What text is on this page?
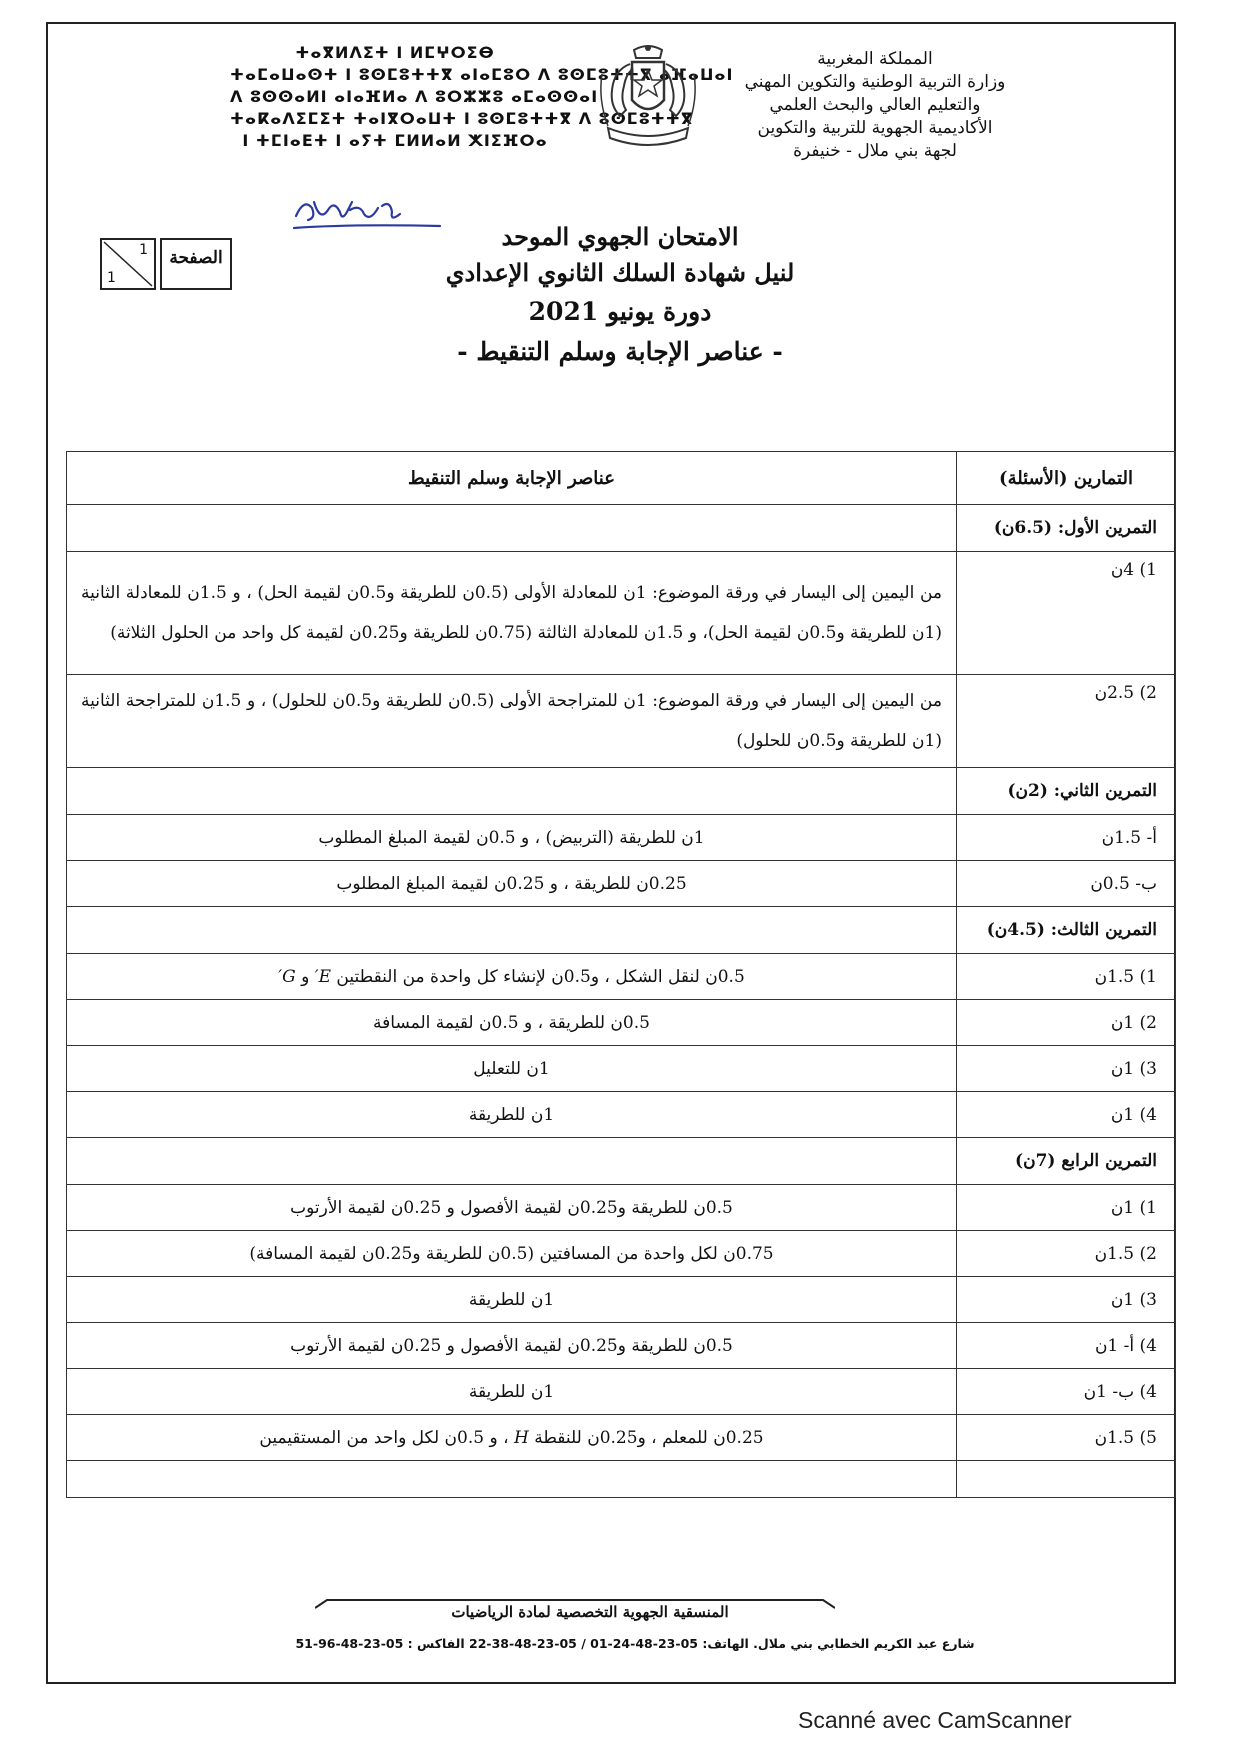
ⵜⴰⴳⵍⴷⵉⵜ ⵏ ⵍⵎⵖⵔⵉⴱ
ⵜⴰⵎⴰⵡⴰⵙⵜ ⵏ ⵓⵙⵎⵓⵜⵜⴳ ⴰⵏⴰⵎⵓⵔ ⴷ ⵓⵙⵎⵓⵜⵜⴳ ⴰⴼⴰⵡⴰⵏ
ⴷ ⵓⵙⵙⴰⵍⵏ ⴰⵏⴰⴼⵍⴰ ⴷ ⵓⵔⵣⵣⵓ ⴰⵎⴰⵙⵙⴰⵏ
ⵜⴰⴽⴰⴷⵉⵎⵉⵜ ⵜⴰⵏⴳⵔⴰⵡⵜ ⵏ ⵓⵙⵎⵓⵜⵜⴳ ⴷ ⵓⵙⵎⵓⵜⵜⴳ
ⵏ ⵜⵎⵏⴰⴹⵜ ⵏ ⴰⵢⵜ ⵎⵍⵍⴰⵍ ⵅⵏⵉⴼⵔⴰ
المملكة المغربية
وزارة التربية الوطنية والتكوين المهني
والتعليم العالي والبحث العلمي
الأكاديمية الجهوية للتربية والتكوين
لجهة بني ملال - خنيفرة
1
1
الصفحة
الامتحان الجهوي الموحد
لنيل شهادة السلك الثانوي الإعدادي
دورة يونيو 2021
- عناصر الإجابة وسلم التنقيط -
التمارين (الأسئلة)	عناصر الإجابة وسلم التنقيط
التمرين الأول: (6.5ن)	
1) 4ن	من اليمين إلى اليسار في ورقة الموضوع: 1ن للمعادلة الأولى (0.5ن للطريقة و0.5ن لقيمة الحل) ، و 1.5ن للمعادلة الثانية (1ن للطريقة و0.5ن لقيمة الحل)، و 1.5ن للمعادلة الثالثة (0.75ن للطريقة و0.25ن لقيمة كل واحد من الحلول الثلاثة)
2) 2.5ن	من اليمين إلى اليسار في ورقة الموضوع: 1ن للمتراجحة الأولى (0.5ن للطريقة و0.5ن للحلول) ، و 1.5ن للمتراجحة الثانية (1ن للطريقة و0.5ن للحلول)
التمرين الثاني: (2ن)	
أ- 1.5ن	1ن للطريقة (التربيض) ، و 0.5ن لقيمة المبلغ المطلوب
ب- 0.5ن	0.25ن للطريقة ، و 0.25ن لقيمة المبلغ المطلوب
التمرين الثالث: (4.5ن)	
1) 1.5ن	0.5ن لنقل الشكل ، و0.5ن لإنشاء كل واحدة من النقطتين E′ و G′
2) 1ن	0.5ن للطريقة ، و 0.5ن لقيمة المسافة
3) 1ن	1ن للتعليل
4) 1ن	1ن للطريقة
التمرين الرابع (7ن)	
1) 1ن	0.5ن للطريقة و0.25ن لقيمة الأفصول و 0.25ن لقيمة الأرتوب
2) 1.5ن	0.75ن لكل واحدة من المسافتين (0.5ن للطريقة و0.25ن لقيمة المسافة)
3) 1ن	1ن للطريقة
4) أ- 1ن	0.5ن للطريقة و0.25ن لقيمة الأفصول و 0.25ن لقيمة الأرتوب
4) ب- 1ن	1ن للطريقة
5) 1.5ن	0.25ن للمعلم ، و0.25ن للنقطة H ، و 0.5ن لكل واحد من المستقيمين

المنسقية الجهوية التخصصية لمادة الرياضيات
شارع عبد الكريم الخطابي بني ملال. الهاتف: 05-23-48-24-01 / 05-23-48-38-22 الفاكس : 05-23-48-96-51
Scanné avec CamScanner
